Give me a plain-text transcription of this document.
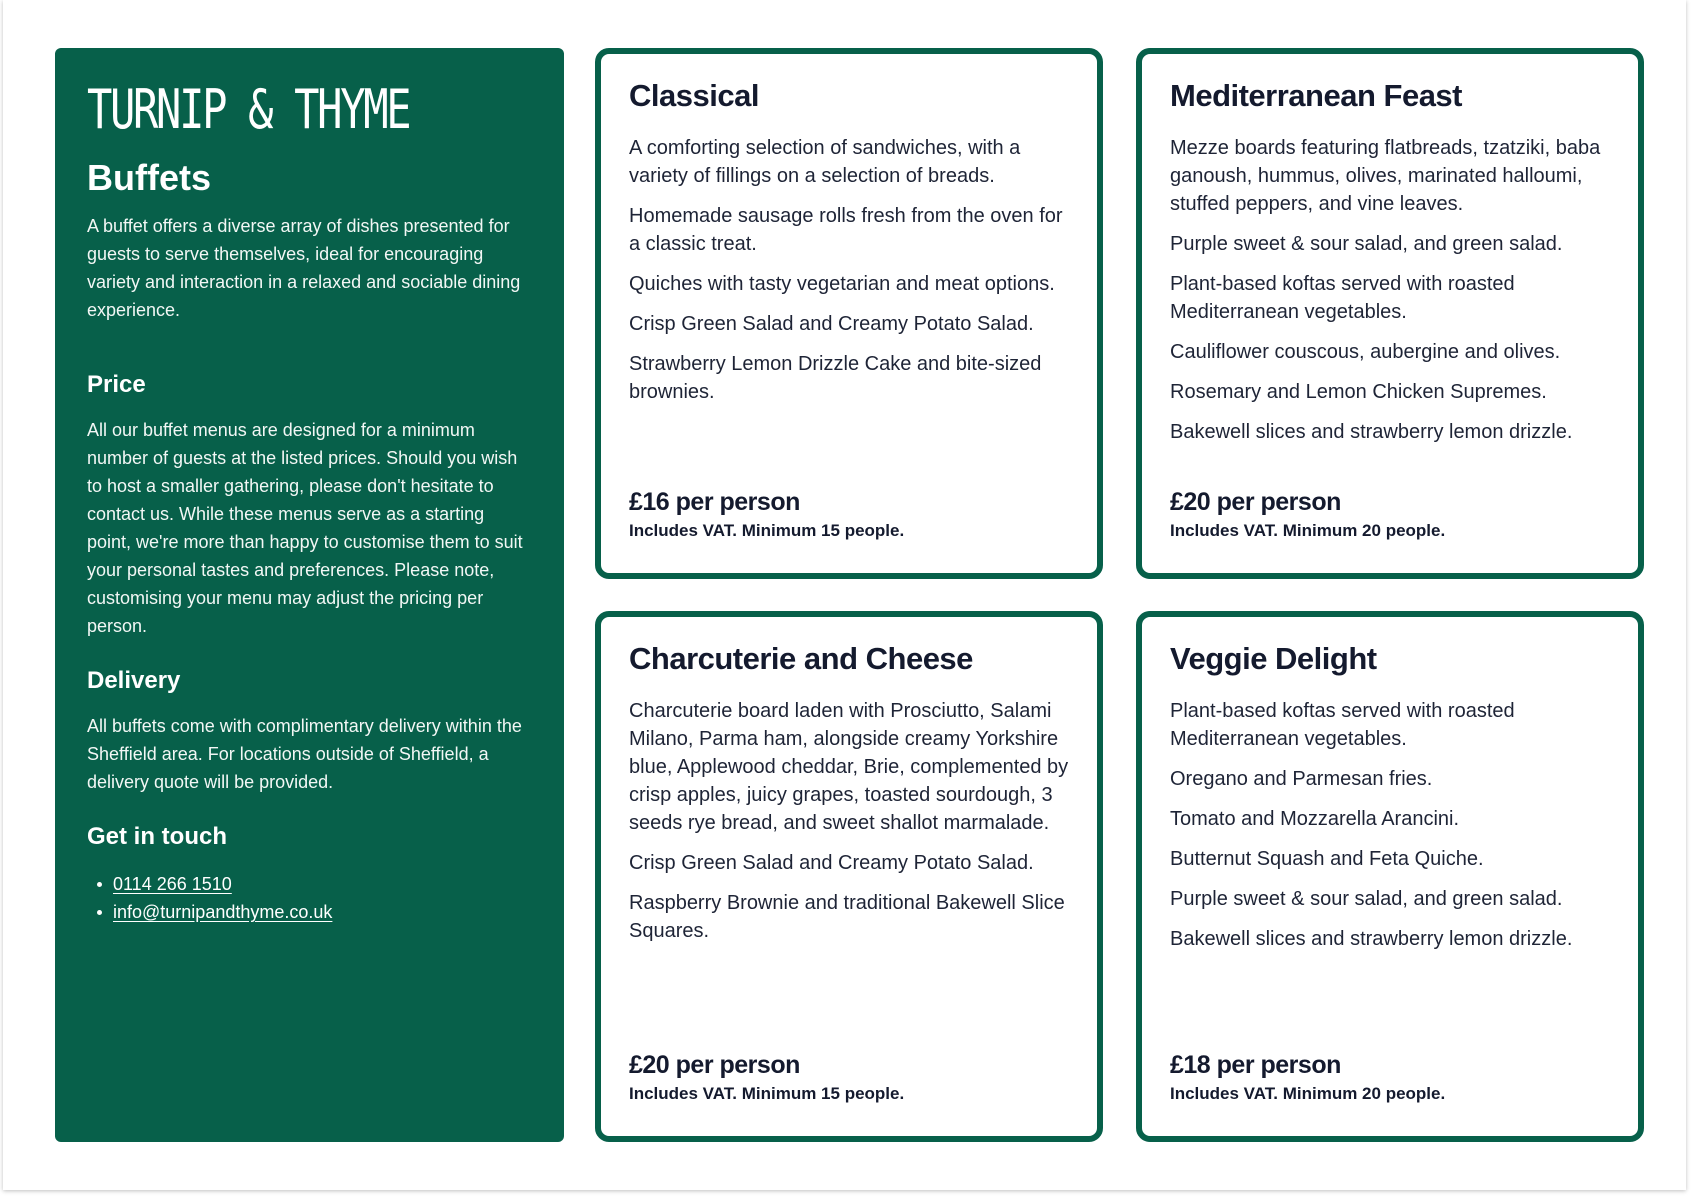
TURNIP & THYME
Buffets

A buffet offers a diverse array of dishes presented for guests to serve themselves, ideal for encouraging variety and interaction in a relaxed and sociable dining experience.

Price

All our buffet menus are designed for a minimum number of guests at the listed prices. Should you wish to host a smaller gathering, please don't hesitate to contact us. While these menus serve as a starting point, we're more than happy to customise them to suit your personal tastes and preferences. Please note, customising your menu may adjust the pricing per person.

Delivery

All buffets come with complimentary delivery within the Sheffield area. For locations outside of Sheffield, a delivery quote will be provided.

Get in touch
0114 266 1510
info@turnipandthyme.co.uk
Classical

A comforting selection of sandwiches, with a variety of fillings on a selection of breads.

Homemade sausage rolls fresh from the oven for a classic treat.

Quiches with tasty vegetarian and meat options.

Crisp Green Salad and Creamy Potato Salad.

Strawberry Lemon Drizzle Cake and bite-sized brownies.

£16 per person
Includes VAT. Minimum 15 people.
Mediterranean Feast

Mezze boards featuring flatbreads, tzatziki, baba ganoush, hummus, olives, marinated halloumi, stuffed peppers, and vine leaves.

Purple sweet & sour salad, and green salad.

Plant-based koftas served with roasted Mediterranean vegetables.

Cauliflower couscous, aubergine and olives.

Rosemary and Lemon Chicken Supremes.

Bakewell slices and strawberry lemon drizzle.

£20 per person
Includes VAT. Minimum 20 people.
Charcuterie and Cheese

Charcuterie board laden with Prosciutto, Salami Milano, Parma ham, alongside creamy Yorkshire blue, Applewood cheddar, Brie, complemented by crisp apples, juicy grapes, toasted sourdough, 3 seeds rye bread, and sweet shallot marmalade.

Crisp Green Salad and Creamy Potato Salad.

Raspberry Brownie and traditional Bakewell Slice Squares.

£20 per person
Includes VAT. Minimum 15 people.
Veggie Delight

Plant-based koftas served with roasted Mediterranean vegetables.

Oregano and Parmesan fries.

Tomato and Mozzarella Arancini.

Butternut Squash and Feta Quiche.

Purple sweet & sour salad, and green salad.

Bakewell slices and strawberry lemon drizzle.

£18 per person
Includes VAT. Minimum 20 people.
